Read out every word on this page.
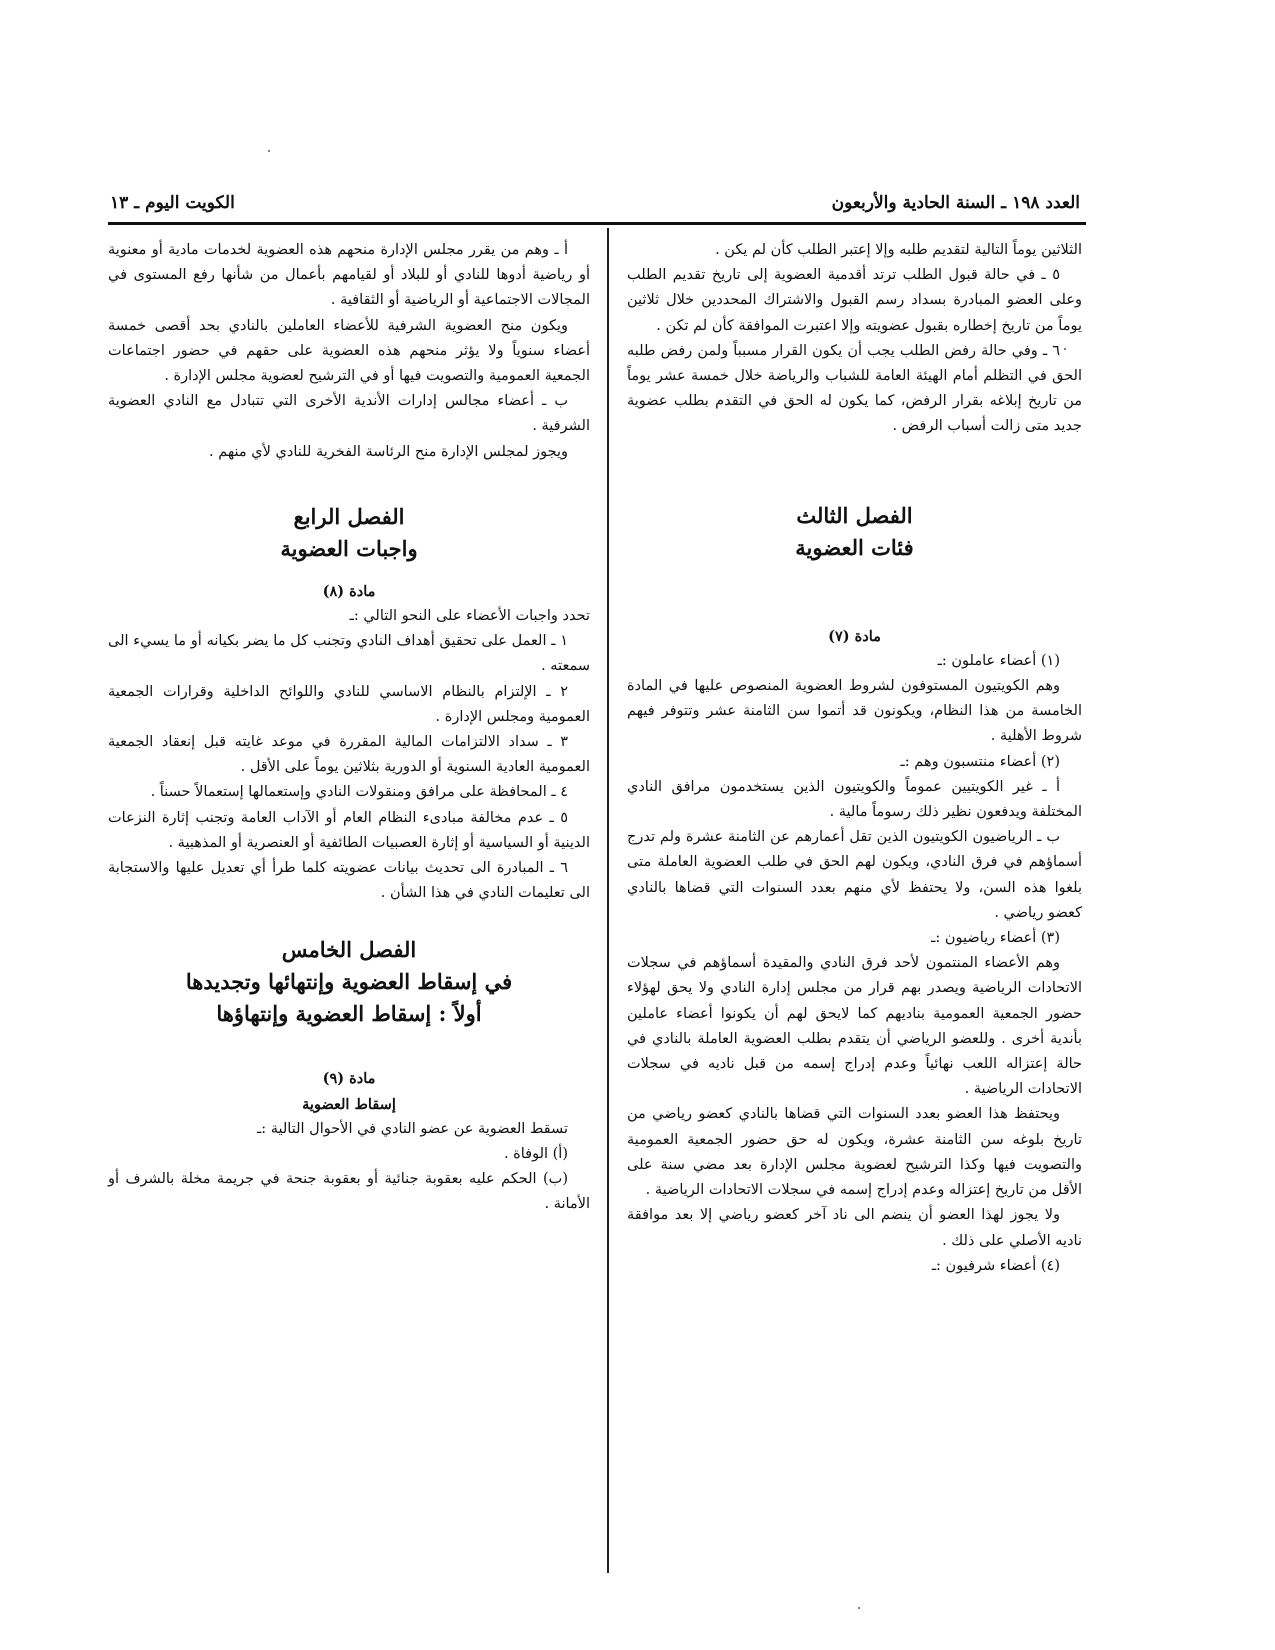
العدد ١٩٨ ـ السنة الحادية والأربعون
الكويت اليوم ـ ١٣

الثلاثين يوماً التالية لتقديم طلبه وإلا إعتبر الطلب كأن لم يكن .

٥ ـ في حالة قبول الطلب ترتد أقدمية العضوية إلى تاريخ تقديم الطلب وعلى العضو المبادرة بسداد رسم القبول والاشتراك المحددين خلال ثلاثين يوماً من تاريخ إخطاره بقبول عضويته وإلا اعتبرت الموافقة كأن لم تكن .

٦ ـ وفي حالة رفض الطلب يجب أن يكون القرار مسبباً ولمن رفض طلبه الحق في التظلم أمام الهيئة العامة للشباب والرياضة خلال خمسة عشر يوماً من تاريخ إبلاغه بقرار الرفض، كما يكون له الحق في التقدم بطلب عضوية جديد متى زالت أسباب الرفض .

الفصل الثالث

فئات العضوية

مادة (٧)

(١) أعضاء عاملون :ـ

وهم الكويتيون المستوفون لشروط العضوية المنصوص عليها في المادة الخامسة من هذا النظام، ويكونون قد أتموا سن الثامنة عشر وتتوفر فيهم شروط الأهلية .

(٢) أعضاء منتسبون وهم :ـ

أ ـ غير الكويتيين عموماً والكويتيون الذين يستخدمون مرافق النادي المختلفة ويدفعون نظير ذلك رسوماً مالية .

ب ـ الرياضيون الكويتيون الذين تقل أعمارهم عن الثامنة عشرة ولم تدرج أسماؤهم في فرق النادي، ويكون لهم الحق في طلب العضوية العاملة متى بلغوا هذه السن، ولا يحتفظ لأي منهم بعدد السنوات التي قضاها بالنادي كعضو رياضي .

(٣) أعضاء رياضيون :ـ

وهم الأعضاء المنتمون لأحد فرق النادي والمقيدة أسماؤهم في سجلات الاتحادات الرياضية ويصدر بهم قرار من مجلس إدارة النادي ولا يحق لهؤلاء حضور الجمعية العمومية بناديهم كما لايحق لهم أن يكونوا أعضاء عاملين بأندية أخرى . وللعضو الرياضي أن يتقدم بطلب العضوية العاملة بالنادي في حالة إعتزاله اللعب نهائياً وعدم إدراج إسمه من قبل ناديه في سجلات الاتحادات الرياضية .

ويحتفظ هذا العضو بعدد السنوات التي قضاها بالنادي كعضو رياضي من تاريخ بلوغه سن الثامنة عشرة، ويكون له حق حضور الجمعية العمومية والتصويت فيها وكذا الترشيح لعضوية مجلس الإدارة بعد مضي سنة على الأقل من تاريخ إعتزاله وعدم إدراج إسمه في سجلات الاتحادات الرياضية .

ولا يجوز لهذا العضو أن ينضم الى ناد آخر كعضو رياضي إلا بعد موافقة ناديه الأصلي على ذلك .

(٤) أعضاء شرفيون :ـ

أ ـ وهم من يقرر مجلس الإدارة منحهم هذه العضوية لخدمات مادية أو معنوية أو رياضية أدوها للنادي أو للبلاد أو لقيامهم بأعمال من شأنها رفع المستوى في المجالات الاجتماعية أو الرياضية أو الثقافية .

ويكون منح العضوية الشرفية للأعضاء العاملين بالنادي بحد أقصى خمسة أعضاء سنوياً ولا يؤثر منحهم هذه العضوية على حقهم في حضور اجتماعات الجمعية العمومية والتصويت فيها أو في الترشيح لعضوية مجلس الإدارة .

ب ـ أعضاء مجالس إدارات الأندية الأخرى التي تتبادل مع النادي العضوية الشرفية .

ويجوز لمجلس الإدارة منح الرئاسة الفخرية للنادي لأي منهم .

الفصل الرابع

واجبات العضوية

مادة (٨)

تحدد واجبات الأعضاء على النحو التالي :ـ

١ ـ العمل على تحقيق أهداف النادي وتجنب كل ما يضر بكيانه أو ما يسيء الى سمعته .

٢ ـ الإلتزام بالنظام الاساسي للنادي واللوائح الداخلية وقرارات الجمعية العمومية ومجلس الإدارة .

٣ ـ سداد الالتزامات المالية المقررة في موعد غايته قبل إنعقاد الجمعية العمومية العادية السنوية أو الدورية بثلاثين يوماً على الأقل .

٤ ـ المحافظة على مرافق ومنقولات النادي وإستعمالها إستعمالاً حسناً .

٥ ـ عدم مخالفة مبادىء النظام العام أو الآداب العامة وتجنب إثارة النزعات الدينية أو السياسية أو إثارة العصبيات الطائفية أو العنصرية أو المذهبية .

٦ ـ المبادرة الى تحديث بيانات عضويته كلما طرأ أي تعديل عليها والاستجابة الى تعليمات النادي في هذا الشأن .

الفصل الخامس

في إسقاط العضوية وإنتهائها وتجديدها

أولاً : إسقاط العضوية وإنتهاؤها

مادة (٩)

إسقاط العضوية

تسقط العضوية عن عضو النادي في الأحوال التالية :ـ

(أ) الوفاة .

(ب) الحكم عليه بعقوبة جنائية أو بعقوبة جنحة في جريمة مخلة بالشرف أو الأمانة .
